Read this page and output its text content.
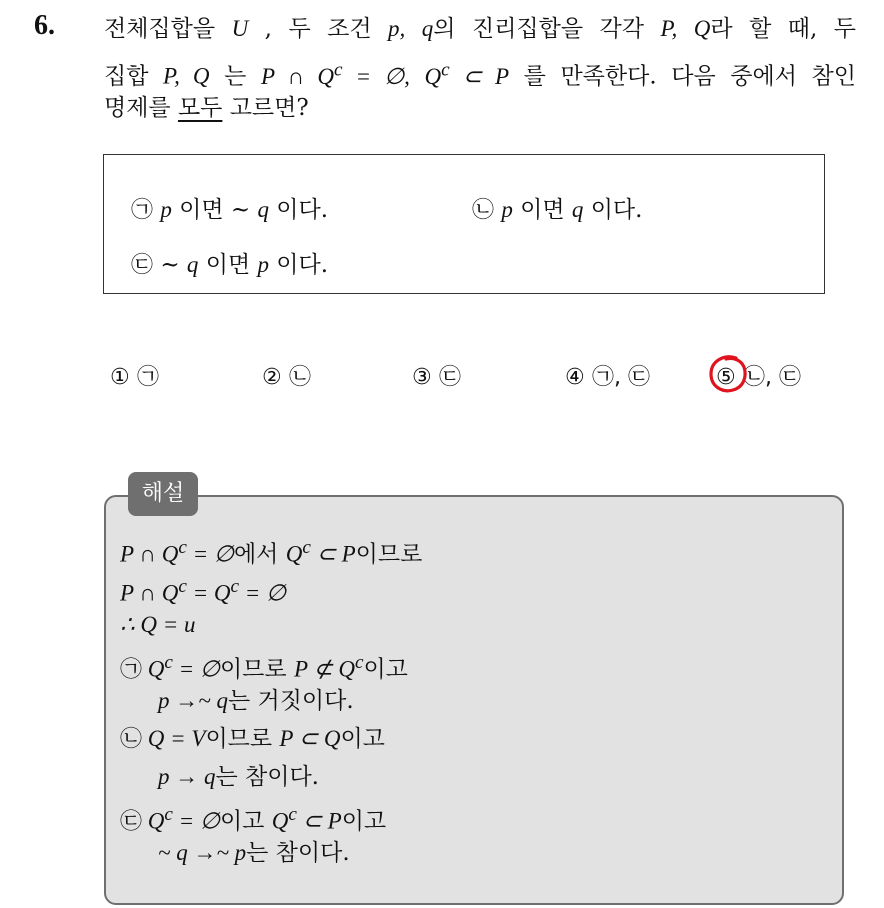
6. 전체집합을 U , 두 조건 p, q의 진리집합을 각각 P, Q라 할 때, 두
집합 P, Q 는 P ∩ $Q^c$ = ∅, $Q^c$ ⊂ P 를 만족한다. 다음 중에서 참인
명제를 모두 고르면?
㉠ p 이면 ~ q 이다.	㉡ p 이면 q 이다.
㉢ ~ q 이면 p 이다.
① ㉠	② ㉡	③ ㉢	④ ㉠, ㉢	⑤ ㉡, ㉢
해설
P ∩ $Q^c$ = ∅에서 $Q^c$ ⊂ P이므로
P ∩ $Q^c = Q^c$ = ∅
∴ Q = u
㉠ $Q^c$ = ∅이므로 P ⊄ $Q^c$이고
p →~ q는 거짓이다.
㉡ Q = V이므로 P ⊂ Q이고
p → q는 참이다.
㉢ $Q^c$ = ∅이고 $Q^c$ ⊂ P이고
~ q →~ p는 참이다.
